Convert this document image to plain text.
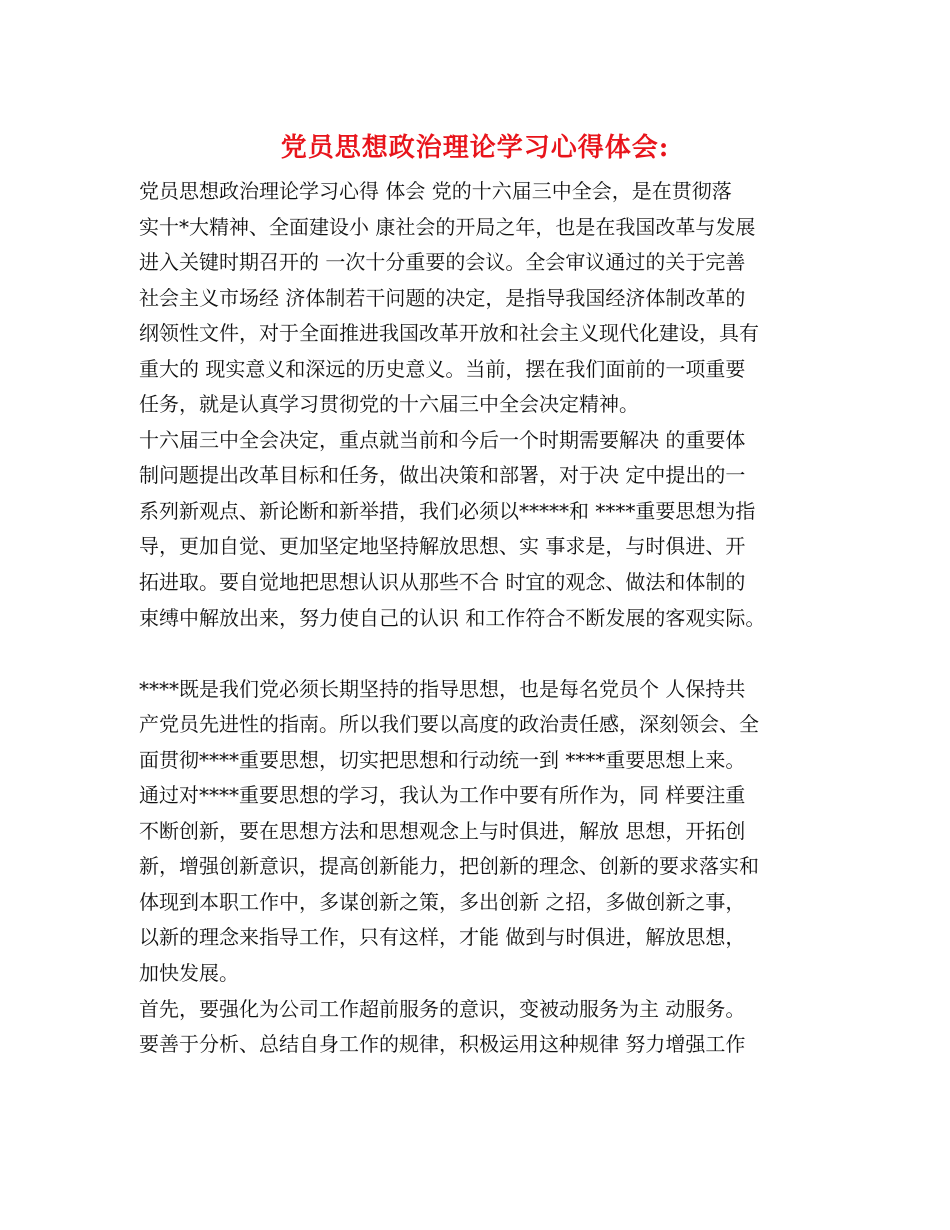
党员思想政治理论学习心得体会:
党员思想政治理论学习心得 体会 党的十六届三中全会，是在贯彻落
实十*大精神、全面建设小 康社会的开局之年，也是在我国改革与发展
进入关键时期召开的 一次十分重要的会议。全会审议通过的关于完善
社会主义市场经 济体制若干问题的决定，是指导我国经济体制改革的
纲领性文件，对于全面推进我国改革开放和社会主义现代化建设，具有
重大的 现实意义和深远的历史意义。当前，摆在我们面前的一项重要
任务，就是认真学习贯彻党的十六届三中全会决定精神。
十六届三中全会决定，重点就当前和今后一个时期需要解决 的重要体
制问题提出改革目标和任务，做出决策和部署，对于决 定中提出的一
系列新观点、新论断和新举措，我们必须以*****和 ****重要思想为指
导，更加自觉、更加坚定地坚持解放思想、实 事求是，与时俱进、开
拓进取。要自觉地把思想认识从那些不合 时宜的观念、做法和体制的
束缚中解放出来，努力使自己的认识 和工作符合不断发展的客观实际。
****既是我们党必须长期坚持的指导思想，也是每名党员个 人保持共
产党员先进性的指南。所以我们要以高度的政治责任感，深刻领会、全
面贯彻****重要思想，切实把思想和行动统一到 ****重要思想上来。
通过对****重要思想的学习，我认为工作中要有所作为，同 样要注重
不断创新，要在思想方法和思想观念上与时俱进，解放 思想，开拓创
新，增强创新意识，提高创新能力，把创新的理念、创新的要求落实和
体现到本职工作中，多谋创新之策，多出创新 之招，多做创新之事，
以新的理念来指导工作，只有这样，才能 做到与时俱进，解放思想，
加快发展。
首先，要强化为公司工作超前服务的意识，变被动服务为主 动服务。
要善于分析、总结自身工作的规律，积极运用这种规律 努力增强工作
